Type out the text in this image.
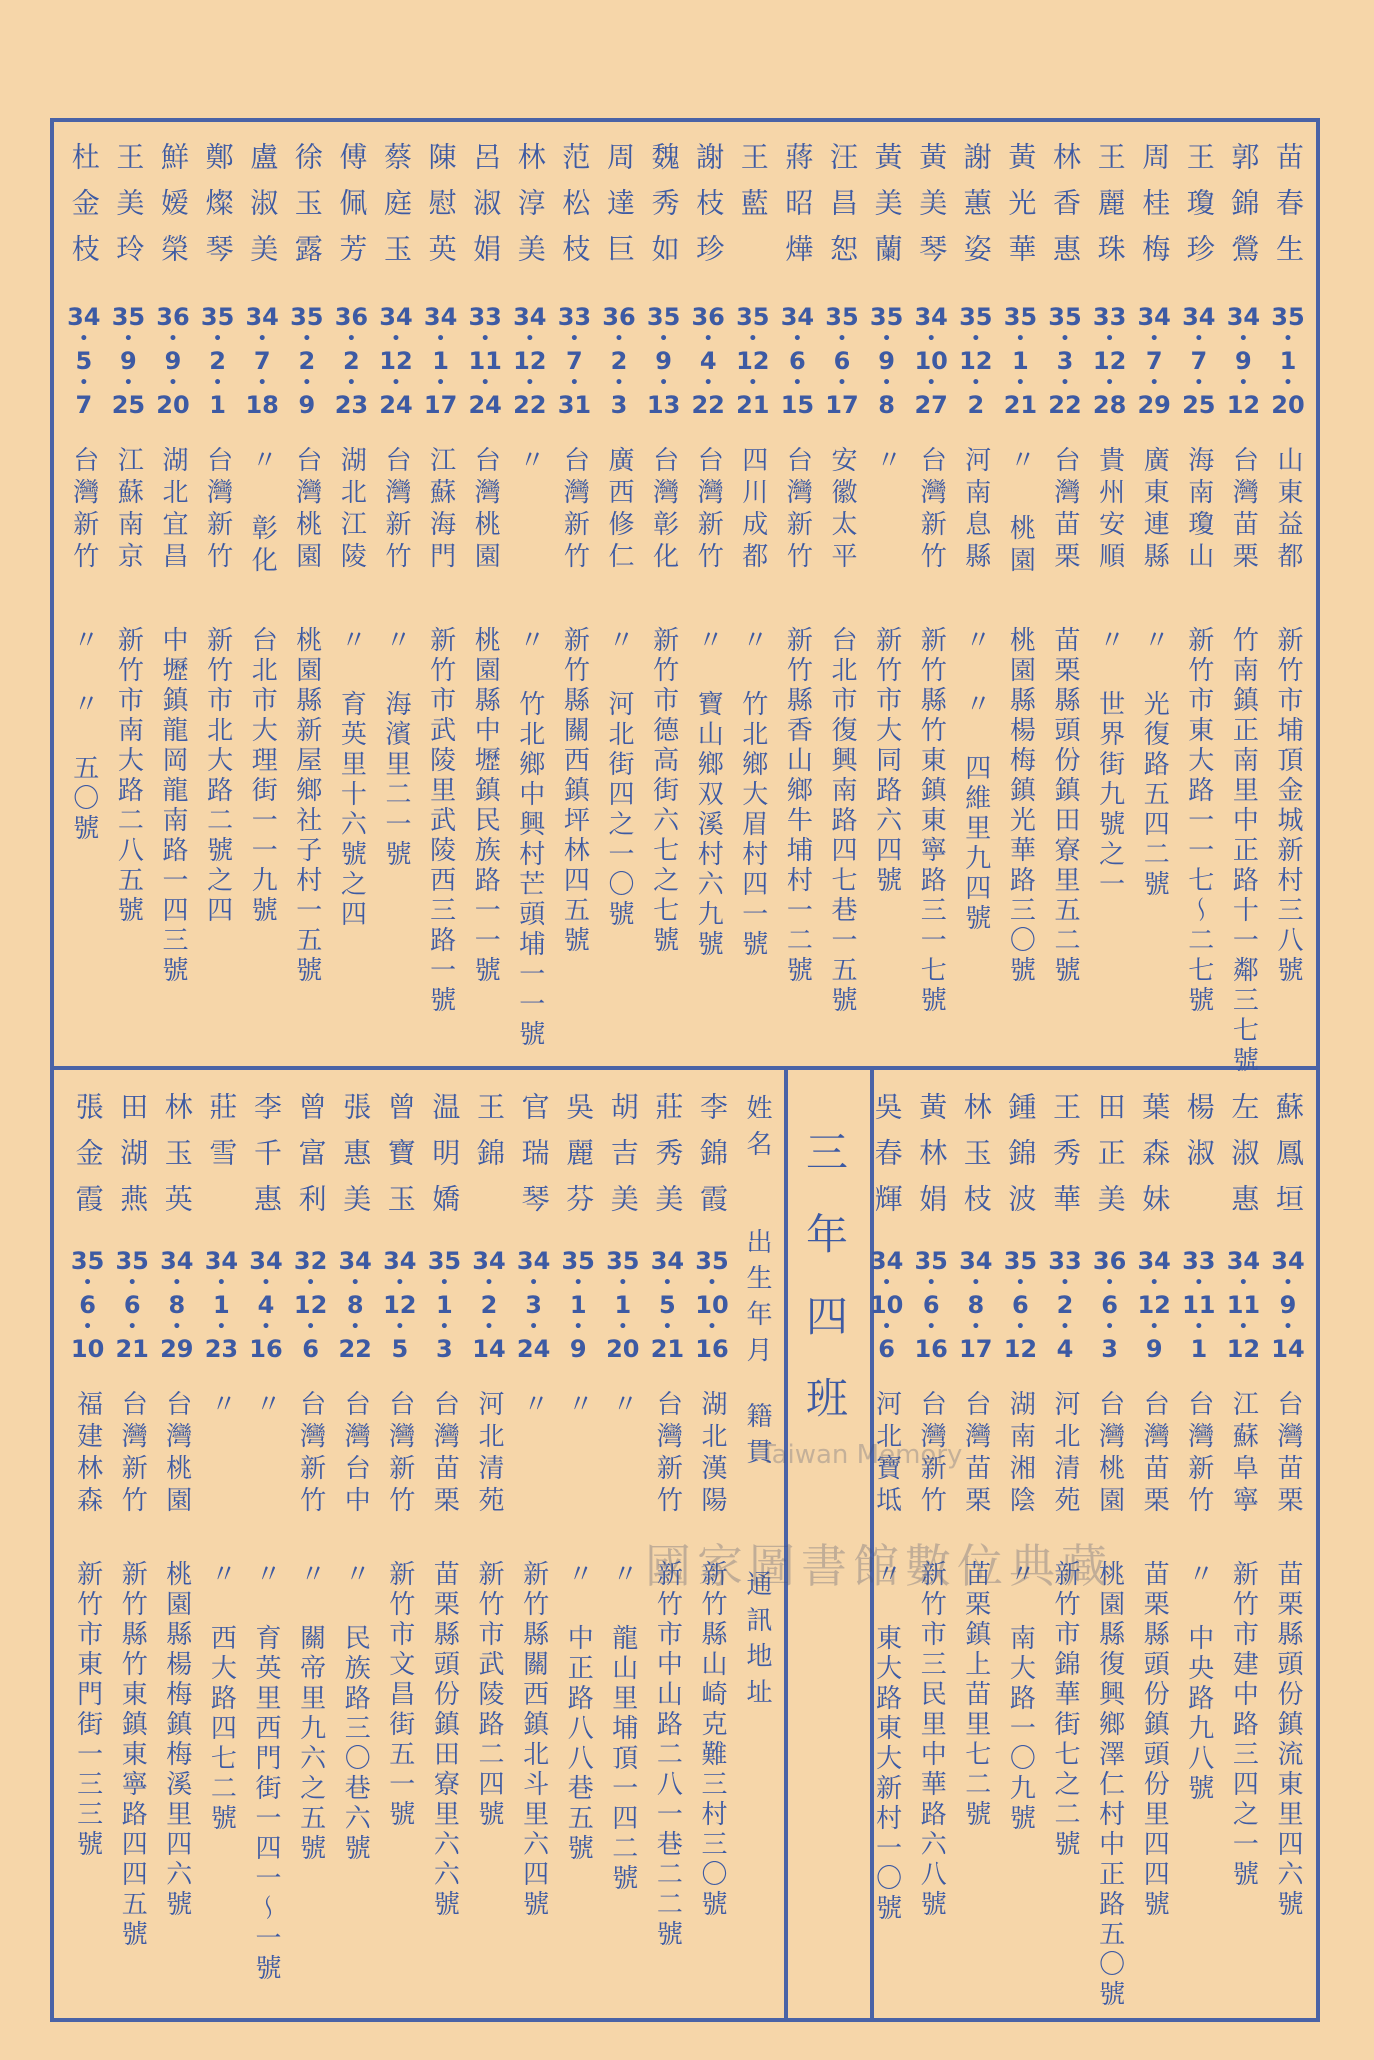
苗春生
35
•
1
•
20
山東益都
新竹市埔頂金城新村三八號
郭錦鶯
34
•
9
•
12
台灣苗栗
竹南鎮正南里中正路十一鄰三七號
王瓊珍
34
•
7
•
25
海南瓊山
新竹市東大路一一七～二七號
周桂梅
34
•
7
•
29
廣東連縣
〃 光復路五四二號
王麗珠
33
•
12
•
28
貴州安順
〃 世界街九號之一
林香惠
35
•
3
•
22
台灣苗栗
苗栗縣頭份鎮田寮里五二號
黃光華
35
•
1
•
21
〃 桃園
桃園縣楊梅鎮光華路三〇號
謝蕙姿
35
•
12
•
2
河南息縣
〃 〃 四維里九四號
黃美琴
34
•
10
•
27
台灣新竹
新竹縣竹東鎮東寧路三一七號
黃美蘭
35
•
9
•
8
〃
新竹市大同路六四號
汪昌恕
35
•
6
•
17
安徽太平
台北市復興南路四七巷一五號
蔣昭燁
34
•
6
•
15
台灣新竹
新竹縣香山鄉牛埔村一二號
王藍
35
•
12
•
21
四川成都
〃 竹北鄉大眉村四一號
謝枝珍
36
•
4
•
22
台灣新竹
〃 寶山鄉双溪村六九號
魏秀如
35
•
9
•
13
台灣彰化
新竹市德高街六七之七號
周達巨
36
•
2
•
3
廣西修仁
〃 河北街四之一〇號
范松枝
33
•
7
•
31
台灣新竹
新竹縣關西鎮坪林四五號
林淳美
34
•
12
•
22
〃
〃 竹北鄉中興村芒頭埔一一號
呂淑娟
33
•
11
•
24
台灣桃園
桃園縣中壢鎮民族路一一號
陳慰英
34
•
1
•
17
江蘇海門
新竹市武陵里武陵西三路一號
蔡庭玉
34
•
12
•
24
台灣新竹
〃 海濱里二一號
傅佩芳
36
•
2
•
23
湖北江陵
〃 育英里十六號之四
徐玉露
35
•
2
•
9
台灣桃園
桃園縣新屋鄉社子村一五號
盧淑美
34
•
7
•
18
〃 彰化
台北市大理街一一九號
鄭燦琴
35
•
2
•
1
台灣新竹
新竹市北大路二號之四
鮮嫒榮
36
•
9
•
20
湖北宜昌
中壢鎮龍岡龍南路一四三號
王美玲
35
•
9
•
25
江蘇南京
新竹市南大路二八五號
杜金枝
34
•
5
•
7
台灣新竹
〃 〃 五〇號
三年四班
姓名
出生年月
籍貫
通訊地址
蘇鳳垣
34
•
9
•
14
台灣苗栗
苗栗縣頭份鎮流東里四六號
左淑惠
34
•
11
•
12
江蘇阜寧
新竹市建中路三四之一號
楊淑
33
•
11
•
1
台灣新竹
〃 中央路九八號
葉森妹
34
•
12
•
9
台灣苗栗
苗栗縣頭份鎮頭份里四四號
田正美
36
•
6
•
3
台灣桃園
桃園縣復興鄉澤仁村中正路五〇號
王秀華
33
•
2
•
4
河北清苑
新竹市錦華街七之二號
鍾錦波
35
•
6
•
12
湖南湘陰
〃 南大路一〇九號
林玉枝
34
•
8
•
17
台灣苗栗
苗栗鎮上苗里七二號
黃林娟
35
•
6
•
16
台灣新竹
新竹市三民里中華路六八號
吳春輝
34
•
10
•
6
河北寶坻
〃 東大路東大新村一〇號
李錦霞
35
•
10
•
16
湖北漢陽
新竹縣山崎克難三村三〇號
莊秀美
34
•
5
•
21
台灣新竹
新竹市中山路二八一巷二二號
胡吉美
35
•
1
•
20
〃
〃 龍山里埔頂一四二號
吳麗芬
35
•
1
•
9
〃
〃 中正路八八巷五號
官瑞琴
34
•
3
•
24
〃
新竹縣關西鎮北斗里六四號
王錦
34
•
2
•
14
河北清苑
新竹市武陵路二四號
温明嬌
35
•
1
•
3
台灣苗栗
苗栗縣頭份鎮田寮里六六號
曾寶玉
34
•
12
•
5
台灣新竹
新竹市文昌街五一號
張惠美
34
•
8
•
22
台灣台中
〃 民族路三〇巷六號
曾富利
32
•
12
•
6
台灣新竹
〃 關帝里九六之五號
李千惠
34
•
4
•
16
〃
〃 育英里西門街一四一～一號
莊雪
34
•
1
•
23
〃
〃 西大路四七二號
林玉英
34
•
8
•
29
台灣桃園
桃園縣楊梅鎮梅溪里四六號
田湖燕
35
•
6
•
21
台灣新竹
新竹縣竹東鎮東寧路四四五號
張金霞
35
•
6
•
10
福建林森
新竹市東門街一三三號
Taiwan Memory
國家圖書館數位典藏
